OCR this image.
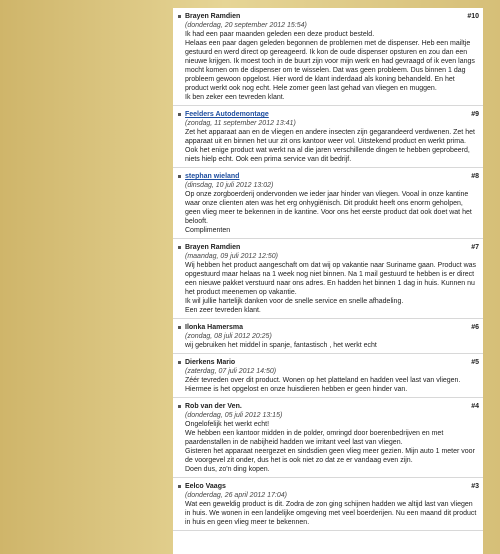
Brayen Ramdien	#10
(donderdag, 20 september 2012 15:54)

Ik had een paar maanden geleden een deze product besteld.

Helaas een paar dagen geleden begonnen de problemen met de dispenser. Heb een mailtje gestuurd en werd direct op gereageerd. Ik kon de oude dispenser opsturen en zou dan een nieuwe krijgen. Ik moest toch in de buurt zijn voor mijn werk en had gevraagd of ik even langs mocht komen om de dispenser om te wisselen. Dat was geen probleem. Dus binnen 1 dag probleem gewoon opgelost. Hier word de klant inderdaad als koning behandeld. En het product werkt ook nog echt. Hele zomer geen last gehad van vliegen en muggen.

Ik ben zeker een tevreden klant.

Feelders Autodemontage	#9
(zondag, 11 september 2012 13:41)

Zet het apparaat aan en de vliegen en andere insecten zijn gegarandeerd verdwenen. Zet het apparaat uit en binnen het uur zit ons kantoor weer vol. Uitstekend product en werkt prima. Ook het enige product wat werkt na al die jaren verschillende dingen te hebben geprobeerd, niets hielp echt. Ook een prima service van dit bedrijf.

stephan wieland	#8
(dinsdag, 10 juli 2012 13:02)

Op onze zorgboerderij ondervonden we ieder jaar hinder van vliegen. Vooal in onze kantine waar onze clienten aten was het erg onhygiënisch. Dit produkt heeft ons enorm geholpen, geen vlieg meer te bekennen in de kantine. Voor ons het eerste product dat ook doet wat het belooft.

Complimenten

Brayen Ramdien	#7
(maandag, 09 juli 2012 12:50)

Wij hebben het product aangeschaft om dat wij op vakantie naar Suriname gaan. Product was opgestuurd maar helaas na 1 week nog niet binnen. Na 1 mail gestuurd te hebben is er direct een nieuwe pakket verstuurd naar ons adres. En hadden het binnen 1 dag in huis. Kunnen nu het product meenemen op vakantie.

Ik wil jullie hartelijk danken voor de snelle service en snelle afhadeling.

Een zeer tevreden klant.

Ilonka Hamersma	#6
(zondag, 08 juli 2012 20:25)

wij gebruiken het middel in spanje, fantastisch , het werkt echt

Dierkens Mario	#5
(zaterdag, 07 juli 2012 14:50)

Zéér tevreden over dit product. Wonen op het platteland en hadden veel last van vliegen. Hiermee is het opgelost en onze huisdieren hebben er geen hinder van.

Rob van der Ven.	#4
(donderdag, 05 juli 2012 13:15)

Ongelofelijk het werkt echt!

We hebben een kantoor midden in de polder, omringd door boerenbedrijven en met paardenstallen in de nabijheid hadden we irritant veel last van vliegen.

Gisteren het apparaat neergezet en sindsdien geen vlieg meer gezien. Mijn auto 1 meter voor de voorgevel zit onder, dus het is ook niet zo dat ze er vandaag even zijn.

Doen dus, zo'n ding kopen.

Eelco Vaags	#3
(donderdag, 26 april 2012 17:04)

Wat een geweldig product is dit. Zodra de zon ging schijnen hadden we altijd last van vliegen in huis. We wonen in een landelijke omgeving met veel boerderijen. Nu een maand dit product in huis en geen vlieg meer te bekennen.
